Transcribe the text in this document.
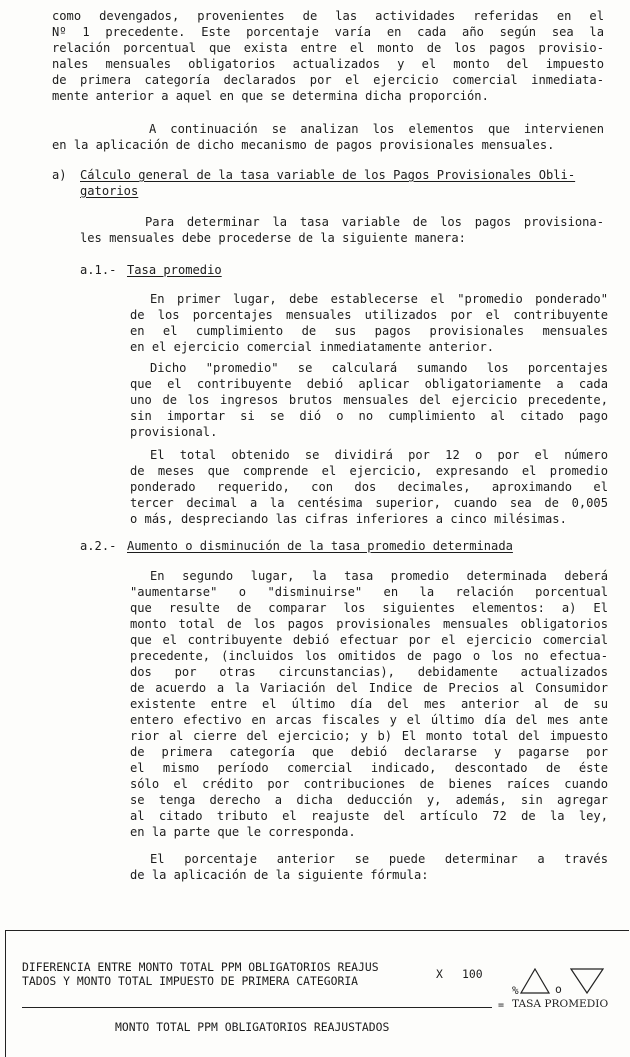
como devengados, provenientes de las actividades referidas en el
Nº 1 precedente. Este porcentaje varía en cada año según sea la
relación porcentual que exista entre el monto de los pagos provisio-
nales mensuales obligatorios actualizados y el monto del impuesto
de primera categoría declarados por el ejercicio comercial inmediata-
mente anterior a aquel en que se determina dicha proporción.
A continuación se analizan los elementos que intervienen
en la aplicación de dicho mecanismo de pagos provisionales mensuales.
a) Cálculo general de la tasa variable de los Pagos Provisionales Obli-
gatorios
Para determinar la tasa variable de los pagos provisiona-
les mensuales debe procederse de la siguiente manera:
a.1.- Tasa promedio
En primer lugar, debe establecerse el "promedio ponderado"
de los porcentajes mensuales utilizados por el contribuyente
en el cumplimiento de sus pagos provisionales mensuales
en el ejercicio comercial inmediatamente anterior.
Dicho "promedio" se calculará sumando los porcentajes
que el contribuyente debió aplicar obligatoriamente a cada
uno de los ingresos brutos mensuales del ejercicio precedente,
sin importar si se dió o no cumplimiento al citado pago
provisional.
El total obtenido se dividirá por 12 o por el número
de meses que comprende el ejercicio, expresando el promedio
ponderado requerido, con dos decimales, aproximando el
tercer decimal a la centésima superior, cuando sea de 0,005
o más, despreciando las cifras inferiores a cinco milésimas.
a.2.- Aumento o disminución de la tasa promedio determinada
En segundo lugar, la tasa promedio determinada deberá
"aumentarse" o "disminuirse" en la relación porcentual
que resulte de comparar los siguientes elementos: a) El
monto total de los pagos provisionales mensuales obligatorios
que el contribuyente debió efectuar por el ejercicio comercial
precedente, (incluidos los omitidos de pago o los no efectua-
dos por otras circunstancias), debidamente actualizados
de acuerdo a la Variación del Indice de Precios al Consumidor
existente entre el último día del mes anterior al de su
entero efectivo en arcas fiscales y el último día del mes ante
rior al cierre del ejercicio; y b) El monto total del impuesto
de primera categoría que debió declararse y pagarse por
el mismo período comercial indicado, descontado de éste
sólo el crédito por contribuciones de bienes raíces cuando
se tenga derecho a dicha deducción y, además, sin agregar
al citado tributo el reajuste del artículo 72 de la ley,
en la parte que le corresponda.
El porcentaje anterior se puede determinar a través
de la aplicación de la siguiente fórmula:
DIFERENCIA ENTRE MONTO TOTAL PPM OBLIGATORIOS REAJUS
TADOS Y MONTO TOTAL IMPUESTO DE PRIMERA CATEGORIA	X 100
=
%	o
TASA PROMEDIO
MONTO TOTAL PPM OBLIGATORIOS REAJUSTADOS
